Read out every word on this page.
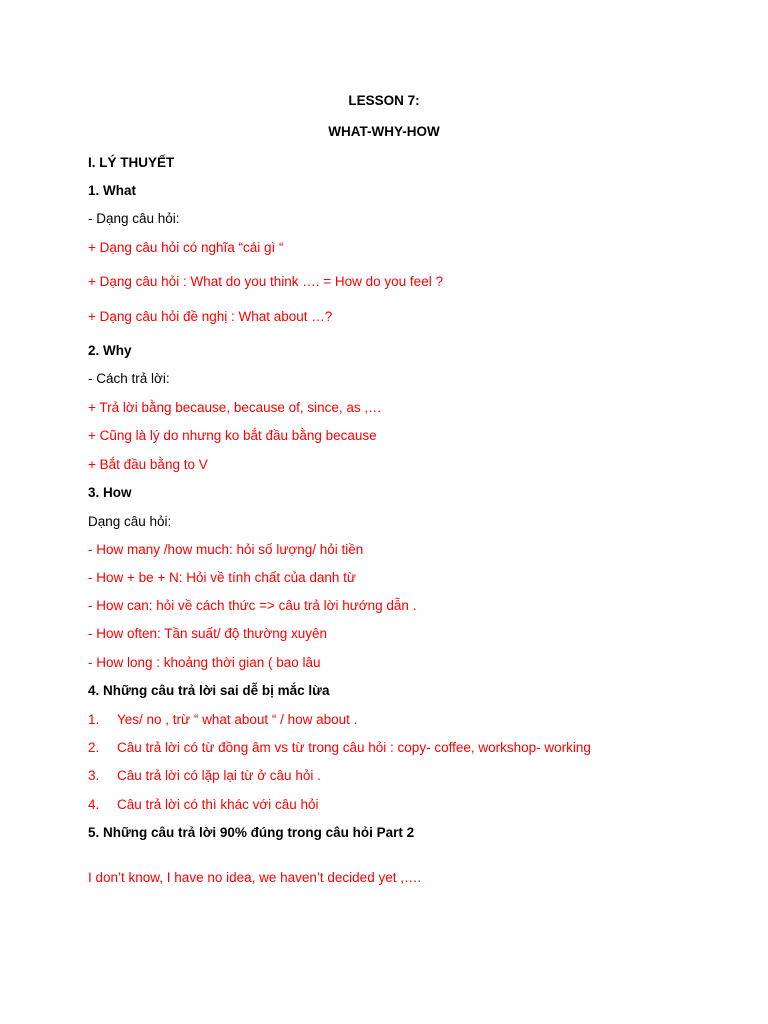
LESSON 7:
WHAT-WHY-HOW
I. LÝ THUYẾT
1. What
- Dạng câu hỏi:
+ Dạng câu hỏi có nghĩa “cái gì “
+ Dạng câu hỏi : What do you think …. = How do you feel ?
+ Dạng câu hỏi đề nghị : What about …?
2. Why
- Cách trả lời:
+ Trả lời bằng because, because of, since, as ,…
+ Cũng là lý do nhưng ko bắt đầu bằng because
+ Bắt đầu bằng to V
3. How
Dạng câu hỏi:
- How many /how much: hỏi số lượng/ hỏi tiền
- How + be + N: Hỏi về tính chất của danh từ
- How can: hỏi về cách thức => câu trả lời hướng dẫn .
- How often: Tần suất/ độ thường xuyên
- How long : khoảng thời gian ( bao lâu
4. Những câu trả lời sai dễ bị mắc lừa
1. Yes/ no , trừ “ what about “ / how about .
2. Câu trả lời có từ đồng âm vs từ trong câu hỏi : copy- coffee, workshop- working
3. Câu trả lời có lặp lại từ ở câu hỏi .
4. Câu trả lời có thì khác với câu hỏi
5. Những câu trả lời 90% đúng trong câu hỏi Part 2
I don’t know, I have no idea, we haven’t decided yet ,….
